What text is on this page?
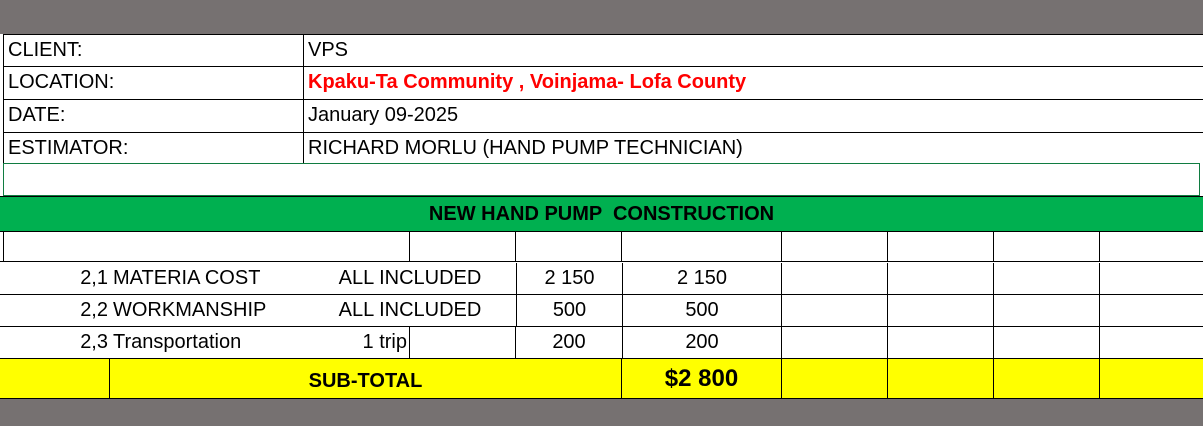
CLIENT:	VPS
LOCATION:	Kpaku-Ta Community , Voinjama- Lofa County
DATE:	January 09-2025
ESTIMATOR:	RICHARD MORLU (HAND PUMP TECHNICIAN)
NEW HAND PUMP  CONSTRUCTION
2,1 MATERIA COST	ALL INCLUDED	2 150	2 150
2,2 WORKMANSHIP	ALL INCLUDED	500	500
2,3 Transportation	1 trip	200	200
SUB-TOTAL	$2 800
